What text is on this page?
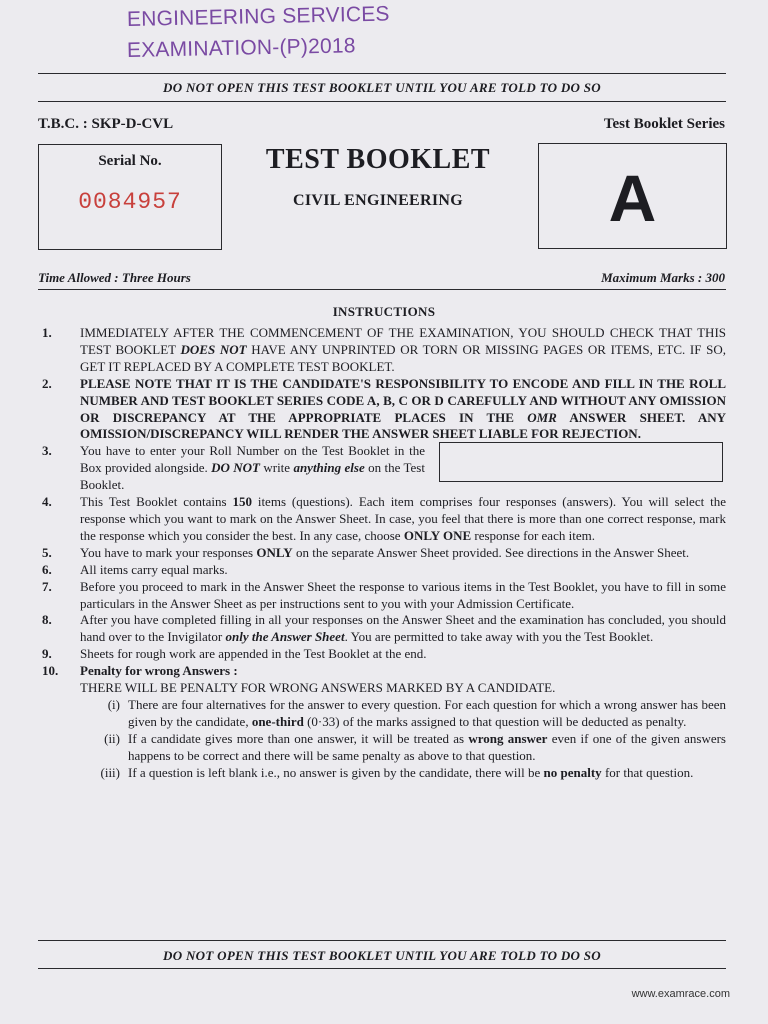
ENGINEERING SERVICES
EXAMINATION-(P)2018
DO NOT OPEN THIS TEST BOOKLET UNTIL YOU ARE TOLD TO DO SO
T.B.C. : SKP-D-CVL	Test Booklet Series
Serial No.
0084957
TEST BOOKLET
CIVIL ENGINEERING	A
Time Allowed : Three Hours	Maximum Marks : 300
INSTRUCTIONS
1.	IMMEDIATELY AFTER THE COMMENCEMENT OF THE EXAMINATION, YOU SHOULD CHECK THAT THIS TEST BOOKLET DOES NOT HAVE ANY UNPRINTED OR TORN OR MISSING PAGES OR ITEMS, ETC. IF SO, GET IT REPLACED BY A COMPLETE TEST BOOKLET.
2.	PLEASE NOTE THAT IT IS THE CANDIDATE'S RESPONSIBILITY TO ENCODE AND FILL IN THE ROLL NUMBER AND TEST BOOKLET SERIES CODE A, B, C OR D CAREFULLY AND WITHOUT ANY OMISSION OR DISCREPANCY AT THE APPROPRIATE PLACES IN THE OMR ANSWER SHEET. ANY OMISSION/DISCREPANCY WILL RENDER THE ANSWER SHEET LIABLE FOR REJECTION.
3.	You have to enter your Roll Number on the Test Booklet in the Box provided alongside. DO NOT write anything else on the Test Booklet.
4.	This Test Booklet contains 150 items (questions). Each item comprises four responses (answers). You will select the response which you want to mark on the Answer Sheet. In case, you feel that there is more than one correct response, mark the response which you consider the best. In any case, choose ONLY ONE response for each item.
5.	You have to mark your responses ONLY on the separate Answer Sheet provided. See directions in the Answer Sheet.
6.	All items carry equal marks.
7.	Before you proceed to mark in the Answer Sheet the response to various items in the Test Booklet, you have to fill in some particulars in the Answer Sheet as per instructions sent to you with your Admission Certificate.
8.	After you have completed filling in all your responses on the Answer Sheet and the examination has concluded, you should hand over to the Invigilator only the Answer Sheet. You are permitted to take away with you the Test Booklet.
9.	Sheets for rough work are appended in the Test Booklet at the end.
10.	Penalty for wrong Answers :
THERE WILL BE PENALTY FOR WRONG ANSWERS MARKED BY A CANDIDATE.
(i) There are four alternatives for the answer to every question. For each question for which a wrong answer has been given by the candidate, one-third (0·33) of the marks assigned to that question will be deducted as penalty.
(ii) If a candidate gives more than one answer, it will be treated as wrong answer even if one of the given answers happens to be correct and there will be same penalty as above to that question.
(iii) If a question is left blank i.e., no answer is given by the candidate, there will be no penalty for that question.
DO NOT OPEN THIS TEST BOOKLET UNTIL YOU ARE TOLD TO DO SO
www.examrace.com
